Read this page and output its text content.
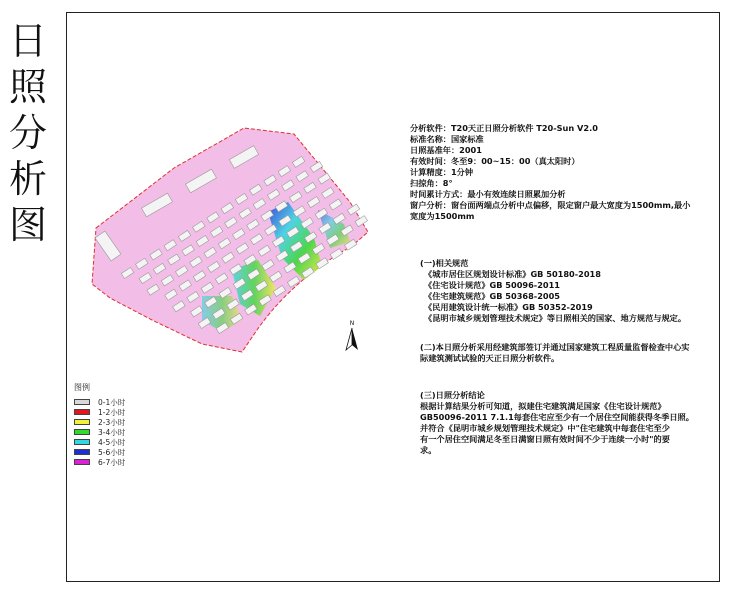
日
照
分
析
图
N
分析软件：T20天正日照分析软件 T20-Sun V2.0
标准名称：国家标准
日照基准年：2001
有效时间：冬至9：00~15：00（真太阳时）
计算精度：1分钟
扫掠角：8°
时间累计方式：最小有效连续日照累加分析
窗户分析：窗台面两端点分析中点偏移，限定窗户最大宽度为1500mm,最小
宽度为1500mm
(一)相关规范
《城市居住区规划设计标准》GB 50180-2018
《住宅设计规范》GB 50096-2011
《住宅建筑规范》GB 50368-2005
《民用建筑设计统一标准》GB 50352-2019
《昆明市城乡规划管理技术规定》等日照相关的国家、地方规范与规定。
(二)本日照分析采用经建筑部签订并通过国家建筑工程质量监督检查中心实
际建筑测试试验的天正日照分析软件。
(三)日照分析结论
根据计算结果分析可知道，拟建住宅建筑满足国家《住宅设计规范》
GB50096-2011 7.1.1每套住宅应至少有一个居住空间能获得冬季日照。
并符合《昆明市城乡规划管理技术规定》中"住宅建筑中每套住宅至少
有一个居住空间满足冬至日满窗日照有效时间不少于连续一小时"的要
求。
图例
0-1小时
1-2小时
2-3小时
3-4小时
4-5小时
5-6小时
6-7小时
